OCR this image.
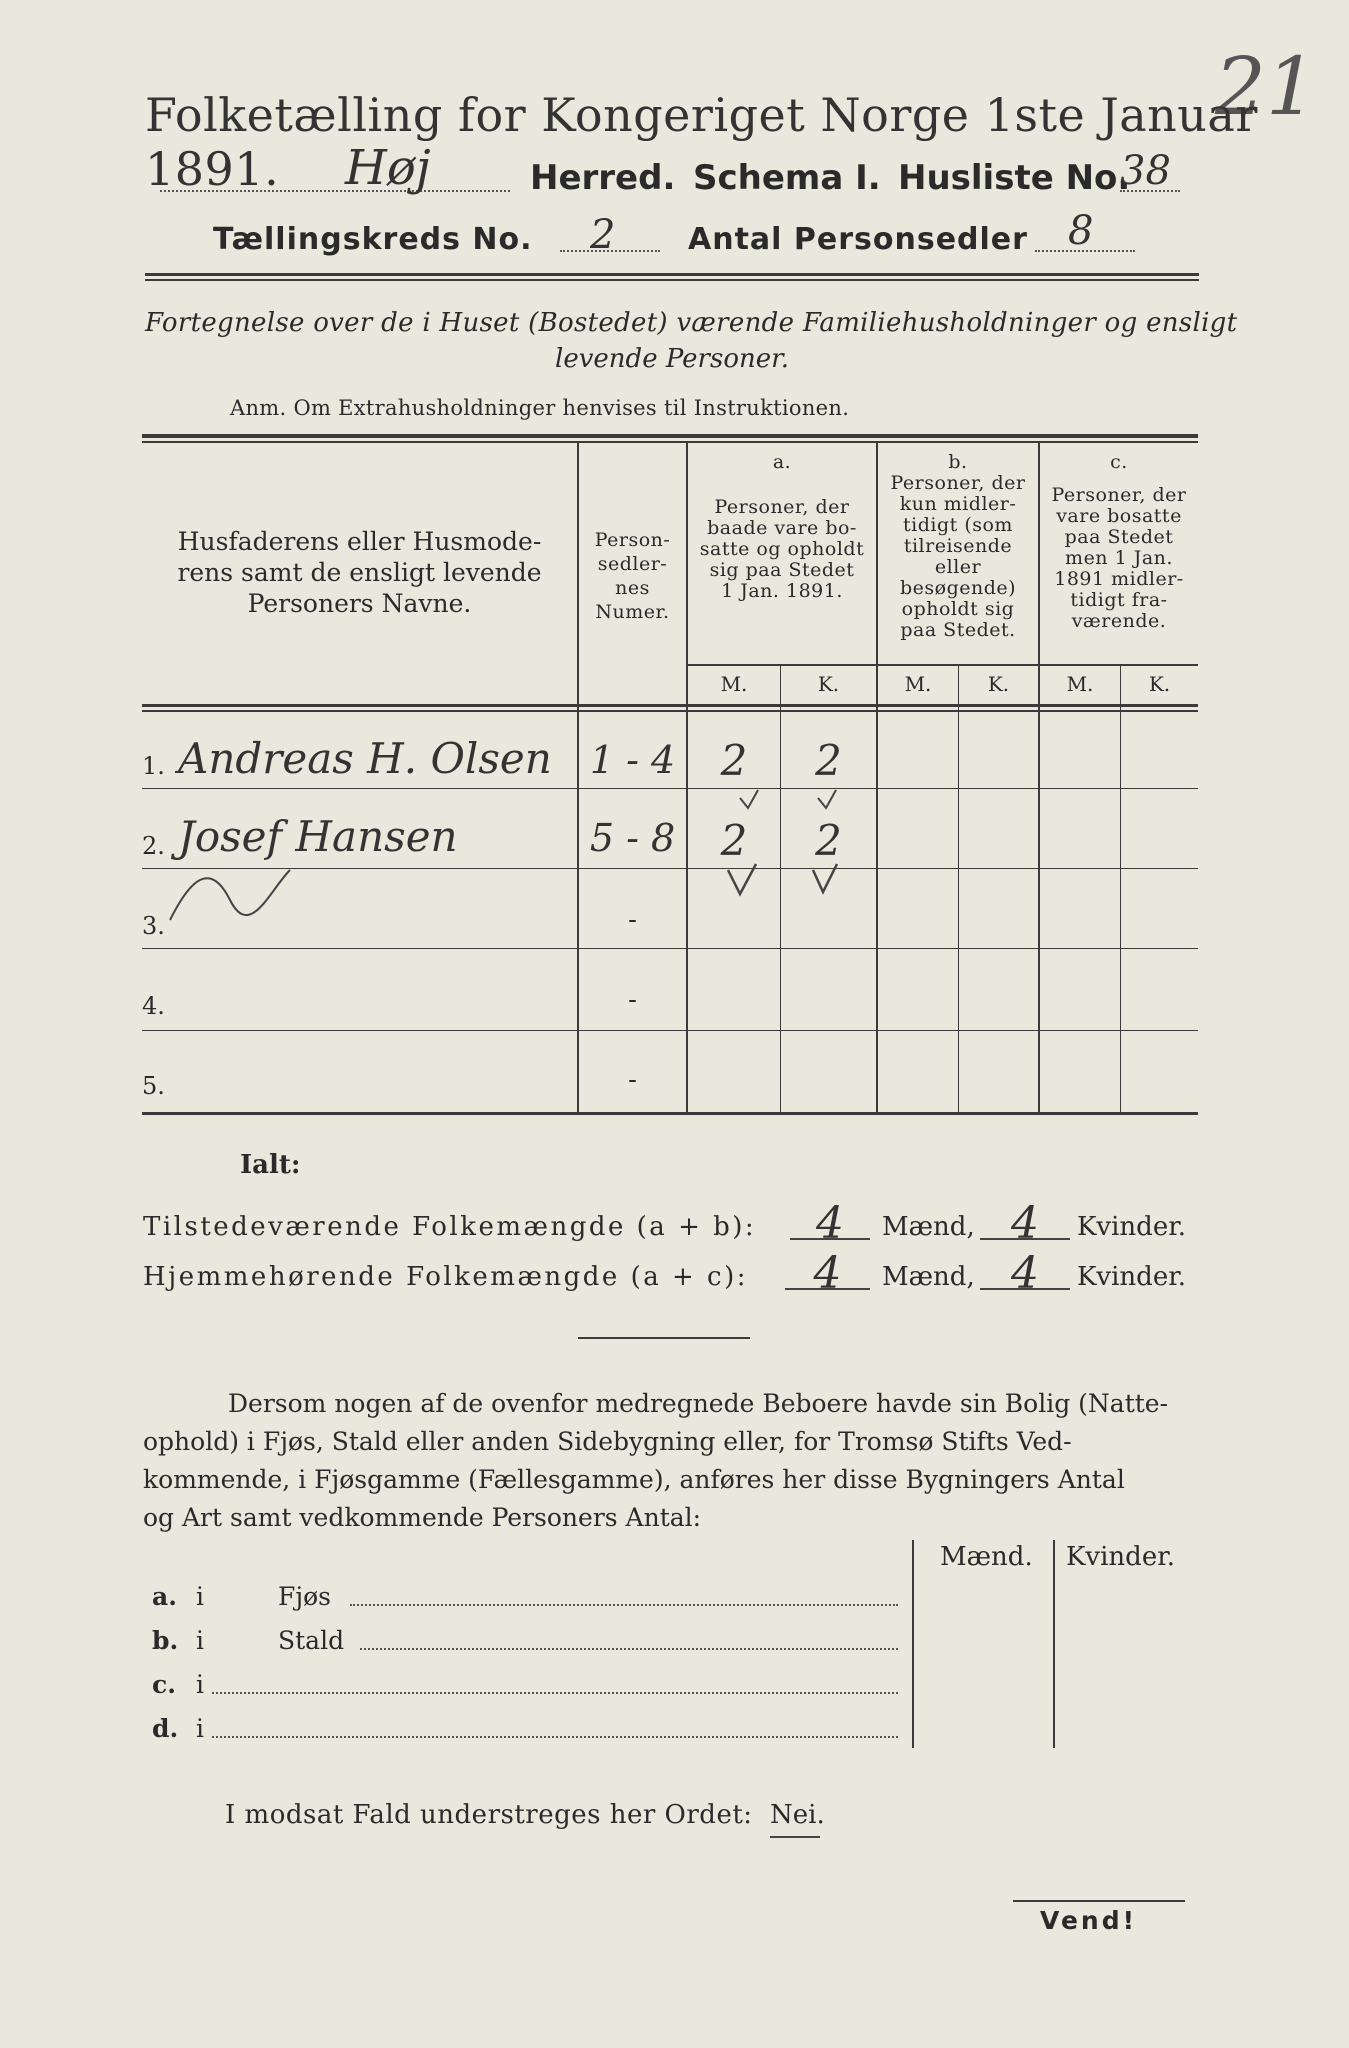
21
Folketælling for Kongeriget Norge 1ste Januar 1891.	Høj	Herred. Schema I. Husliste No.
38
Tællingskreds No. 2 Antal Personsedler 8
Fortegnelse over de i Huset (Bostedet) værende Familiehusholdninger og ensligt
levende Personer.
Anm. Om Extrahusholdninger henvises til Instruktionen.
Husfaderens eller Husmode-
rens samt de ensligt levende
Personers Navne.
Person-
sedler-
nes
Numer.
a.
Personer, der
baade vare bo-
satte og opholdt
sig paa Stedet
1 Jan. 1891.
b.
Personer, der
kun midler-
tidigt (som
tilreisende
eller
besøgende)
opholdt sig
paa Stedet.
c.
Personer, der
vare bosatte
paa Stedet
men 1 Jan.
1891 midler-
tidigt fra-
værende.
M.	K.	M.	K.	M.	K.
1. Andreas H. Olsen 1 - 4	2	2
2. Josef Hansen	5 - 8	2	2
3.	-
4.	-
5.	-
Ialt:
Tilstedeværende Folkemængde (a + b):	4	Mænd, 4	Kvinder.
Hjemmehørende Folkemængde (a + c):	4	Mænd, 4	Kvinder.
Dersom nogen af de ovenfor medregnede Beboere havde sin Bolig (Natte-
ophold) i Fjøs, Stald eller anden Sidebygning eller, for Tromsø Stifts Ved-
kommende, i Fjøsgamme (Fællesgamme), anføres her disse Bygningers Antal
og Art samt vedkommende Personers Antal:
Mænd. Kvinder.
a. i	Fjøs
b. i	Stald
c. i
d. i
I modsat Fald understreges her Ordet: Nei.
Vend!
